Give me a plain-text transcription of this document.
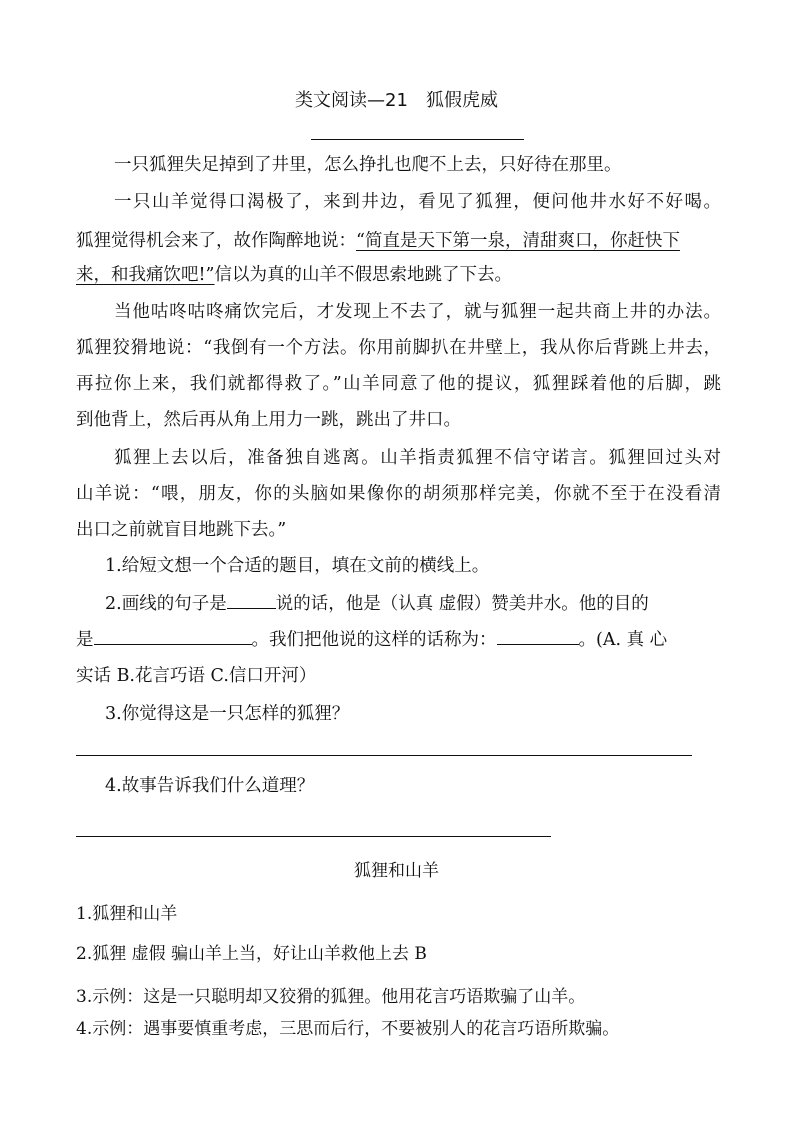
类文阅读—21　狐假虎威
一只狐狸失足掉到了井里，怎么挣扎也爬不上去，只好待在那里。
一只山羊觉得口渴极了，来到井边，看见了狐狸，便问他井水好不好喝。
狐狸觉得机会来了，故作陶醉地说：“简直是天下第一泉，清甜爽口，你赶快下
来，和我痛饮吧!”信以为真的山羊不假思索地跳了下去。
当他咕咚咕咚痛饮完后，才发现上不去了，就与狐狸一起共商上井的办法。
狐狸狡猾地说：“我倒有一个方法。你用前脚扒在井壁上，我从你后背跳上井去，
再拉你上来，我们就都得救了。”山羊同意了他的提议，狐狸踩着他的后脚，跳
到他背上，然后再从角上用力一跳，跳出了井口。
狐狸上去以后，准备独自逃离。山羊指责狐狸不信守诺言。狐狸回过头对
山羊说：“喂，朋友，你的头脑如果像你的胡须那样完美，你就不至于在没看清
出口之前就盲目地跳下去。”
1.给短文想一个合适的题目，填在文前的横线上。
2.画线的句子是	说的话，他是（认真 虚假）赞美井水。他的目的
是	。我们把他说的这样的话称为：	。(A. 真 心
实话 B.花言巧语 C.信口开河）
3.你觉得这是一只怎样的狐狸？
4.故事告诉我们什么道理？
狐狸和山羊
1.狐狸和山羊
2.狐狸 虚假 骗山羊上当，好让山羊救他上去 B
3.示例：这是一只聪明却又狡猾的狐狸。他用花言巧语欺骗了山羊。
4.示例：遇事要慎重考虑，三思而后行，不要被别人的花言巧语所欺骗。
